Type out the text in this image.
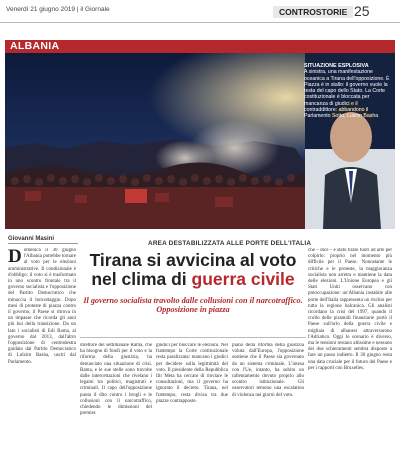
Venerdì 21 giugno 2019 | il Giornale	CONTROSTORIE 25
ALBANIA
SITUAZIONE ESPLOSIVA
A sinistra, una manifestazione oceanica a Tirana dell'opposizione. È Piazza è in stallo: il governo vuole la testa del capo dello Stato. La Corte costituzionale è bloccata per mancanza di giudici e il contraddittore: abbandono il Parlamento Sotto, Lulzim Basha
Giovanni Masini
D omenica il 30 giugno l'Albania potrebbe tornare al voto per le elezioni amministrative. Il condizionale è d'obbligo: il voto si è trasformato in uno scontro frontale tra il governo socialista e l'opposizione del Partito Democratico che minaccia il boicottaggio. Dopo mesi di proteste di piazza contro il governo, il Paese si ritrova in un impasse che ricorda gli anni più bui della transizione. Da un lato i socialisti di Edi Rama, al governo dal 2013, dall'altro l'opposizione di centrodestra guidata dal Partito Democratico di Lulzim Basha, usciti dal Parlamento.
AREA DESTABILIZZATA ALLE PORTE DELL'ITALIA
Tirana si avvicina al voto
nel clima di guerra civile
Il governo socialista travolto dalle collusioni con il narcotraffico. Opposizione in piazza
direttore del settimanale Rama, che ha bisogno di fondi per il voto e la riforma della giustizia, ha denunciato una situazione di crisi. Rama, e le sue stelle sono travolte dalle intercettazioni che rivelano i legami tra politici, magistrati e criminali. Il capo dell'opposizione punta il dito contro i brogli e le collusioni con il narcotraffico, chiedendo le dimissioni del premier.
giudici per bloccare le elezioni. Nel frattempo la Corte costituzionale resta paralizzata: mancano i giudici per decidere sulla legittimità del voto. Il presidente della Repubblica Ilir Meta ha cercato di rinviare le consultazioni, ma il governo ha ignorato il decreto. Tirana, nel frattempo, resta divisa tra due piazze contrapposte.
piano della riforma della giustizia voluta dall'Europa, l'opposizione sostiene che il Paese sia governato da un sistema criminale. L'intesa con l'Ue, intanto, ha subito un rallentamento dovuto proprio allo scontro istituzionale. Gli osservatori temono una escalation di violenza nei giorni del voto.
che – dice – è stato tirato fuori ad arte per colpirlo: proprio nel momento più difficile per il Paese. Nonostante le critiche e le proteste, la maggioranza socialista non arretra e mantiene la data delle elezioni. L'Unione Europea e gli Stati Uniti osservano con preoccupazione: un'Albania instabile alle porte dell'Italia rappresenta un rischio per tutta la regione balcanica. Gli analisti ricordano la crisi del 1997, quando il crollo delle piramidi finanziarie portò il Paese sull'orlo della guerra civile e migliaia di albanesi attraversarono l'Adriatico. Oggi lo scenario è diverso, ma le tensioni restano altissime e nessuno dei due schieramenti sembra disposto a fare un passo indietro. Il 30 giugno resta una data cruciale per il futuro del Paese e per i rapporti con Bruxelles.
